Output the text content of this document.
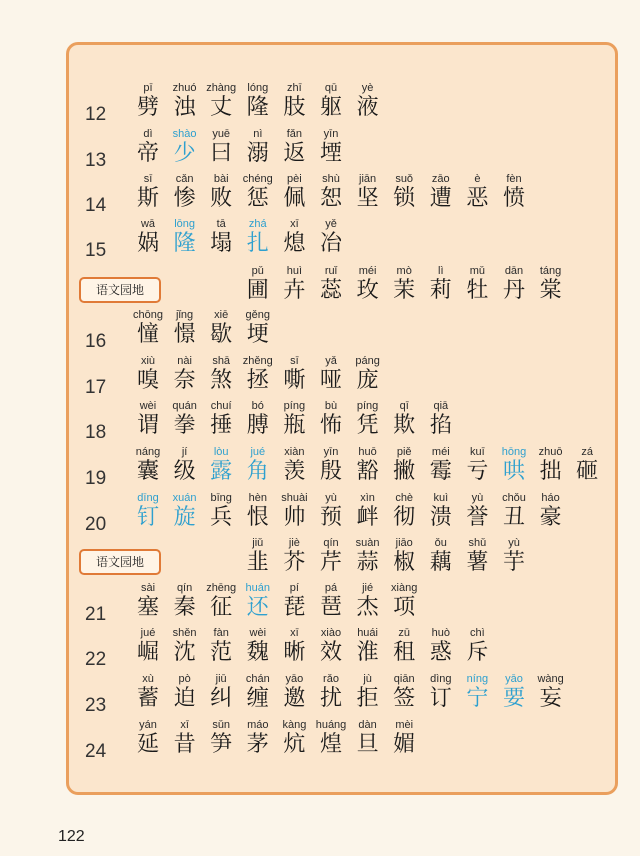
12
pī
劈
zhuó
浊
zhàng
丈
lóng
隆
zhī
肢
qū
躯
yè
液
13
dì
帝
shào
少
yuē
曰
nì
溺
fǎn
返
yīn
堙
14
sī
斯
cǎn
惨
bài
败
chéng
惩
pèi
佩
shù
恕
jiān
坚
suǒ
锁
zāo
遭
è
恶
fèn
愤
15
wā
娲
lōng
隆
tā
塌
zhá
扎
xī
熄
yě
冶
语文园地
pǔ
圃
huì
卉
ruǐ
蕊
méi
玫
mò
茉
lì
莉
mǔ
牡
dān
丹
táng
棠
16
chōng
憧
jǐng
憬
xiē
歇
gěng
埂
17
xiù
嗅
nài
奈
shā
煞
zhěng
拯
sī
嘶
yǎ
哑
páng
庞
18
wèi
谓
quán
拳
chuí
捶
bó
膊
píng
瓶
bù
怖
píng
凭
qī
欺
qiā
掐
19
náng
囊
jí
级
lòu
露
jué
角
xiàn
羡
yīn
殷
huō
豁
piě
撇
méi
霉
kuī
亏
hōng
哄
zhuō
拙
zá
砸
20
dīng
钉
xuán
旋
bīng
兵
hèn
恨
shuài
帅
yù
预
xìn
衅
chè
彻
kuì
溃
yù
誉
chǒu
丑
háo
豪
语文园地
jiǔ
韭
jiè
芥
qín
芹
suàn
蒜
jiāo
椒
ǒu
藕
shǔ
薯
yù
芋
21
sài
塞
qín
秦
zhēng
征
huán
还
pí
琵
pá
琶
jié
杰
xiàng
项
22
jué
崛
shěn
沈
fàn
范
wèi
魏
xī
晰
xiào
效
huái
淮
zū
租
huò
惑
chì
斥
23
xù
蓄
pò
迫
jiū
纠
chán
缠
yāo
邀
rǎo
扰
jù
拒
qiān
签
dìng
订
níng
宁
yāo
要
wàng
妄
24
yán
延
xī
昔
sǔn
笋
máo
茅
kàng
炕
huáng
煌
dàn
旦
mèi
媚
122
